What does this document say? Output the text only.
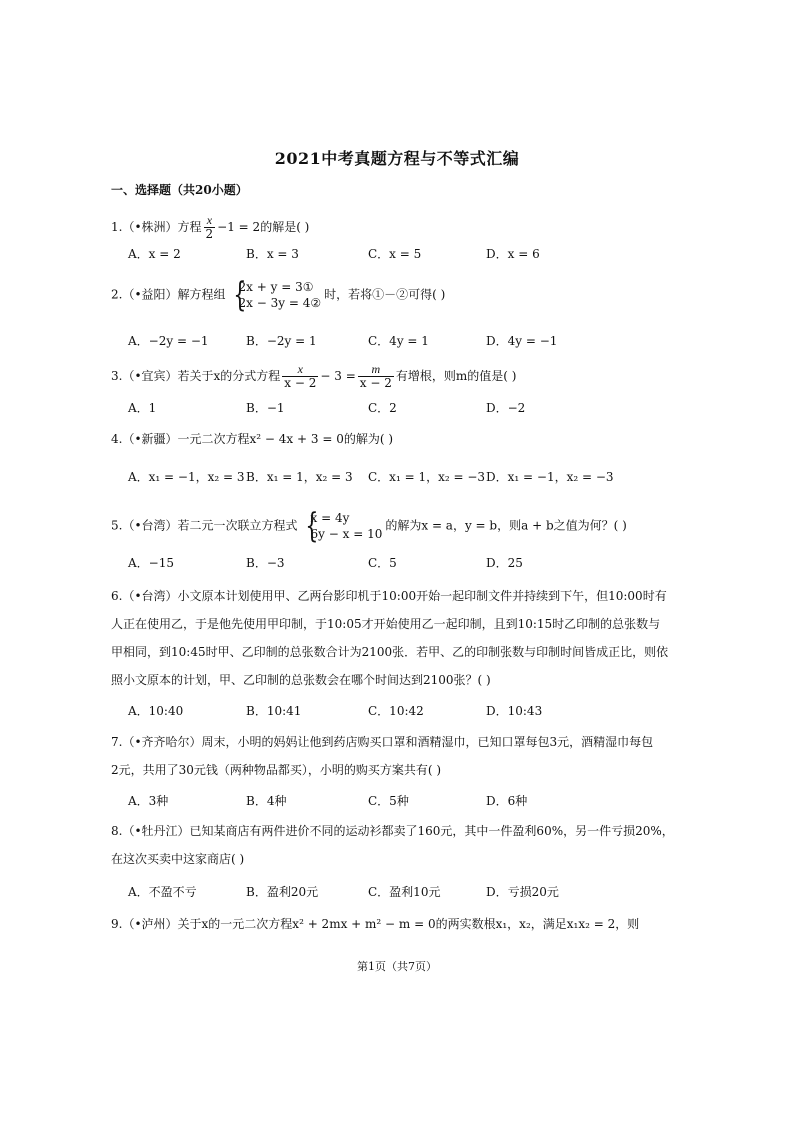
2021中考真题方程与不等式汇编
一、选择题（共20小题）
1.（•株洲）方程 $\frac{x}{2} -1 = 2$的解是( )
A．x = 2	B．x = 3	C．x = 5	D．x = 6
2.（•益阳）解方程组 {
2x + y = 3①
2x − 3y = 4②
时，若将①－②可得( )
A．−2y = −1	B．−2y = 1	C．4y = 1	D．4y = −1
3.（•宜宾）若关于x的分式方程 $\frac{x}{x - 2} - 3 = \frac{m}{x - 2}$ 有增根，则m的值是( )
A．1	B．−1	C．2	D．−2
4.（•新疆）一元二次方程x² − 4x + 3 = 0的解为( )
A．x₁ = −1，x₂ = 3 B．x₁ = 1，x₂ = 3 C．x₁ = 1，x₂ = −3 D．x₁ = −1，x₂ = −3
5.（•台湾）若二元一次联立方程式 {
x = 4y
6y − x = 10
的解为x = a，y = b，则a + b之值为何？( )
A．−15	B．−3	C．5	D．25
6.（•台湾）小文原本计划使用甲、乙两台影印机于10:00开始一起印制文件并持续到下午，但10:00时有
人正在使用乙，于是他先使用甲印制，于10:05才开始使用乙一起印制，且到10:15时乙印制的总张数与
甲相同，到10:45时甲、乙印制的总张数合计为2100张．若甲、乙的印制张数与印制时间皆成正比，则依
照小文原本的计划，甲、乙印制的总张数会在哪个时间达到2100张？( )
A．10:40	B．10:41	C．10:42	D．10:43
7.（•齐齐哈尔）周末，小明的妈妈让他到药店购买口罩和酒精湿巾，已知口罩每包3元，酒精湿巾每包
2元，共用了30元钱（两种物品都买），小明的购买方案共有( )
A．3种	B．4种	C．5种	D．6种
8.（•牡丹江）已知某商店有两件进价不同的运动衫都卖了160元，其中一件盈利60%，另一件亏损20%，
在这次买卖中这家商店( )
A．不盈不亏	B．盈利20元	C．盈利10元	D．亏损20元
9.（•泸州）关于x的一元二次方程x² + 2mx + m² − m = 0的两实数根x₁，x₂，满足x₁x₂ = 2，则
第1页（共7页）
